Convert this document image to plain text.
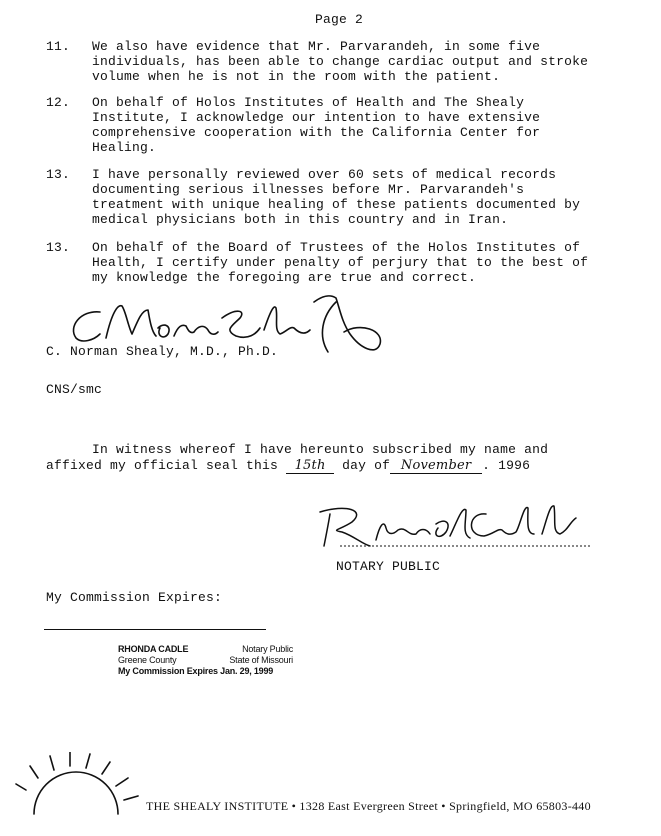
Page 2
11. We also have evidence that Mr. Parvarandeh, in some five
individuals, has been able to change cardiac output and stroke
volume when he is not in the room with the patient.
12. On behalf of Holos Institutes of Health and The Shealy
Institute, I acknowledge our intention to have extensive
comprehensive cooperation with the California Center for
Healing.
13. I have personally reviewed over 60 sets of medical records
documenting serious illnesses before Mr. Parvarandeh's
treatment with unique healing of these patients documented by
medical physicians both in this country and in Iran.
13. On behalf of the Board of Trustees of the Holos Institutes of
Health, I certify under penalty of perjury that to the best of
my knowledge the foregoing are true and correct.
C. Norman Shealy, M.D., Ph.D.
CNS/smc
In witness whereof I have hereunto subscribed my name and
affixed my official seal this 15th day of November . 1996
NOTARY PUBLIC
My Commission Expires:
RHONDA CADLE	Notary Public
Greene County	State of Missouri
My Commission Expires Jan. 29, 1999
THE SHEALY INSTITUTE • 1328 East Evergreen Street • Springfield, MO 65803-440
